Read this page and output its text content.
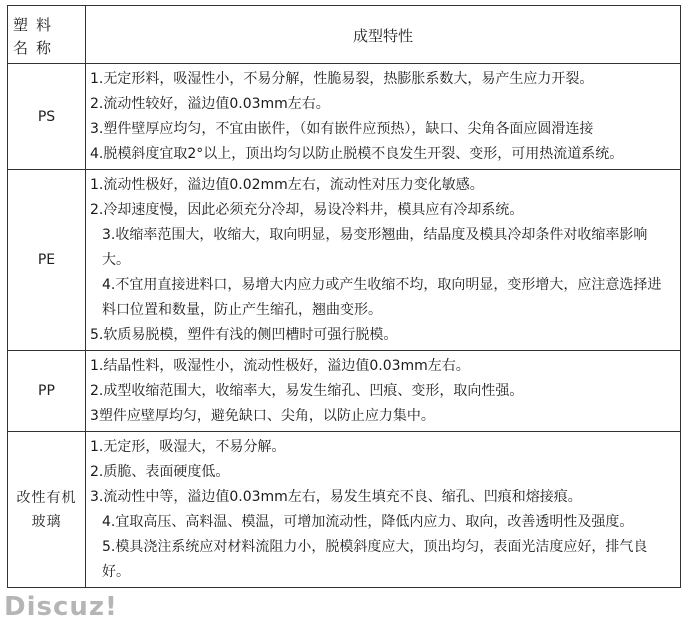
塑料名称	成型特性
PS	1.无定形料，吸湿性小，不易分解，性脆易裂，热膨胀系数大，易产生应力开裂。
2.流动性较好，溢边值0.03mm左右。
3.塑件壁厚应均匀，不宜由嵌件，（如有嵌件应预热），缺口、尖角各面应圆滑连接
4.脱模斜度宜取2°以上，顶出均匀以防止脱模不良发生开裂、变形，可用热流道系统。

PE	1.流动性极好，溢边值0.02mm左右，流动性对压力变化敏感。
2.冷却速度慢，因此必须充分冷却，易设冷料井，模具应有冷却系统。
3.收缩率范围大，收缩大，取向明显，易变形翘曲，结晶度及模具冷却条件对收缩率影响大。
4.不宜用直接进料口，易增大内应力或产生收缩不均，取向明显，变形增大，应注意选择进料口位置和数量，防止产生缩孔，翘曲变形。
5.软质易脱模，塑件有浅的侧凹槽时可强行脱模。

PP	1.结晶性料，吸湿性小，流动性极好，溢边值0.03mm左右。
2.成型收缩范围大，收缩率大，易发生缩孔、凹痕、变形，取向性强。
3塑件应壁厚均匀，避免缺口、尖角，以防止应力集中。

改性有机玻璃	1.无定形，吸湿大，不易分解。
2.质脆、表面硬度低。
3.流动性中等，溢边值0.03mm左右，易发生填充不良、缩孔、凹痕和熔接痕。
4.宜取高压、高料温、模温，可增加流动性，降低内应力、取向，改善透明性及强度。
5.模具浇注系统应对材料流阻力小，脱模斜度应大，顶出均匀，表面光洁度应好，排气良好。
Discuz!
